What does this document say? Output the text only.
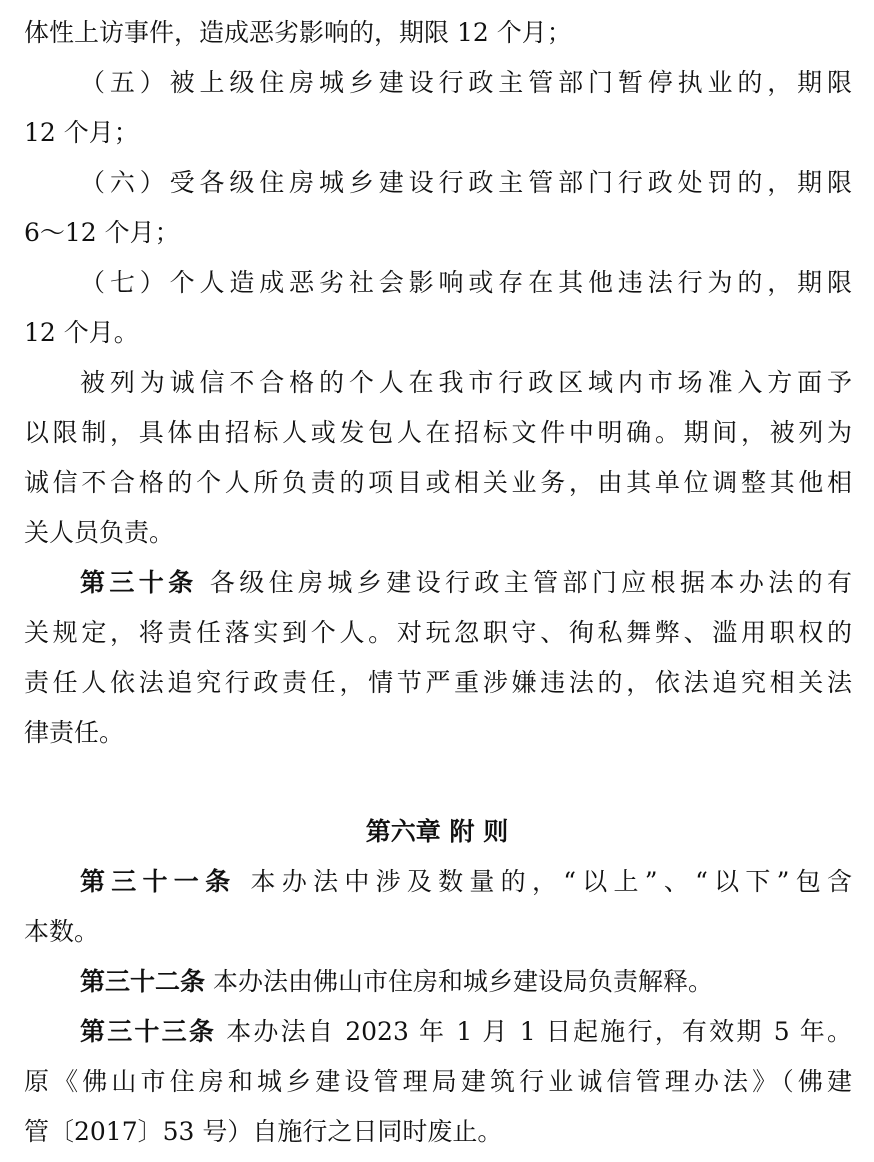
体性上访事件，造成恶劣影响的，期限 12 个月；
（五）被上级住房城乡建设行政主管部门暂停执业的，期限
12 个月；
（六）受各级住房城乡建设行政主管部门行政处罚的，期限
6～12 个月；
（七）个人造成恶劣社会影响或存在其他违法行为的，期限
12 个月。
被列为诚信不合格的个人在我市行政区域内市场准入方面予
以限制，具体由招标人或发包人在招标文件中明确。期间，被列为
诚信不合格的个人所负责的项目或相关业务，由其单位调整其他相
关人员负责。
第三十条 各级住房城乡建设行政主管部门应根据本办法的有
关规定，将责任落实到个人。对玩忽职守、徇私舞弊、滥用职权的
责任人依法追究行政责任，情节严重涉嫌违法的，依法追究相关法
律责任。
第六章 附 则
第三十一条 本办法中涉及数量的，“以上”、“以下”包含
本数。
第三十二条 本办法由佛山市住房和城乡建设局负责解释。
第三十三条 本办法自 2023 年 1 月 1 日起施行，有效期 5 年。
原《佛山市住房和城乡建设管理局建筑行业诚信管理办法》（佛建
管〔2017〕53 号）自施行之日同时废止。
